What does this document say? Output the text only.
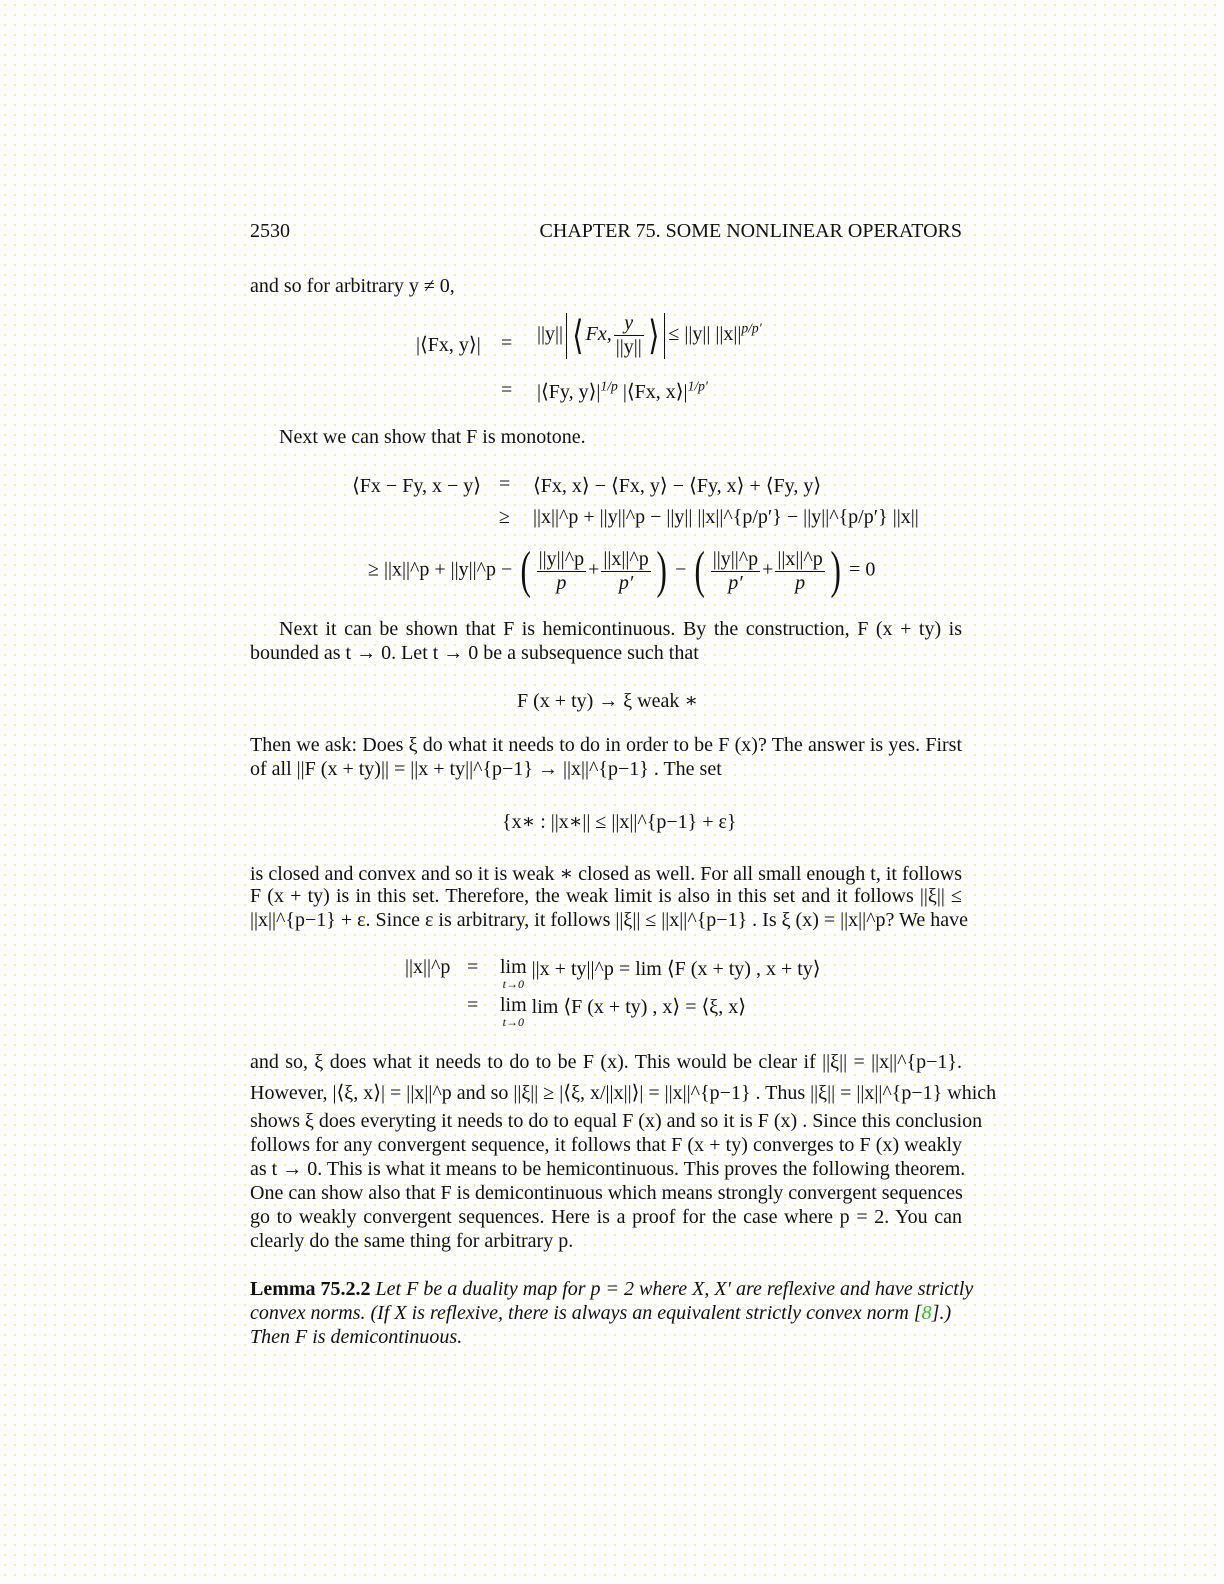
2530	CHAPTER 75. SOME NONLINEAR OPERATORS
and so for arbitrary y ≠ 0,
|⟨Fx, y⟩| = ||y|| ⟨ Fx, $\frac{y}{||y||}$ ⟩ ≤ ||y|| $||x||^{p/p'}$
= |⟨Fy, $y⟩|^{1/p}$ |⟨Fx, $x⟩|^{1/p'}$
Next we can show that F is monotone.
⟨Fx − Fy, x − y⟩ = ⟨Fx, x⟩ − ⟨Fx, y⟩ − ⟨Fy, x⟩ + ⟨Fy, y⟩
≥ ||x||^p + ||y||^p − ||y|| ||x||^{p/p′} − ||y||^{p/p′} ||x||
≥ ||x||^p + ||y||^p − ( $\frac{||y||\^{}p}{p} + \frac{||x||\^{}p}{p'}$ ) − ( $\frac{||y||\^{}p}{p'} + \frac{||x||\^{}p}{p}$ ) = 0
Next it can be shown that F is hemicontinuous. By the construction, F (x + ty) is
bounded as t → 0. Let t → 0 be a subsequence such that
F (x + ty) → ξ weak ∗
Then we ask: Does ξ do what it needs to do in order to be F (x)? The answer is yes. First
of all ||F (x + ty)|| = ||x + ty||^{p−1} → ||x||^{p−1} . The set
{x∗ : ||x∗|| ≤ ||x||^{p−1} + ε}
is closed and convex and so it is weak ∗ closed as well. For all small enough t, it follows
F (x + ty) is in this set. Therefore, the weak limit is also in this set and it follows ||ξ|| ≤
||x||^{p−1} + ε. Since ε is arbitrary, it follows ||ξ|| ≤ ||x||^{p−1} . Is ξ (x) = ||x||^p? We have
||x||^p = lim
t→0
||x + ty||^p = lim ⟨F (x + ty) , x + ty⟩
= lim
t→0
lim ⟨F (x + ty) , x⟩ = ⟨ξ, x⟩
and so, ξ does what it needs to do to be F (x). This would be clear if ||ξ|| = ||x||^{p−1}.
However, |⟨ξ, x⟩| = ||x||^p and so ||ξ|| ≥ |⟨ξ, x/||x||⟩| = ||x||^{p−1} . Thus ||ξ|| = ||x||^{p−1} which
shows ξ does everyting it needs to do to equal F (x) and so it is F (x) . Since this conclusion
follows for any convergent sequence, it follows that F (x + ty) converges to F (x) weakly
as t → 0. This is what it means to be hemicontinuous. This proves the following theorem.
One can show also that F is demicontinuous which means strongly convergent sequences
go to weakly convergent sequences. Here is a proof for the case where p = 2. You can
clearly do the same thing for arbitrary p.
Lemma 75.2.2 Let F be a duality map for p = 2 where X, X′ are reflexive and have strictly
convex norms. (If X is reflexive, there is always an equivalent strictly convex norm [8].)
Then F is demicontinuous.
